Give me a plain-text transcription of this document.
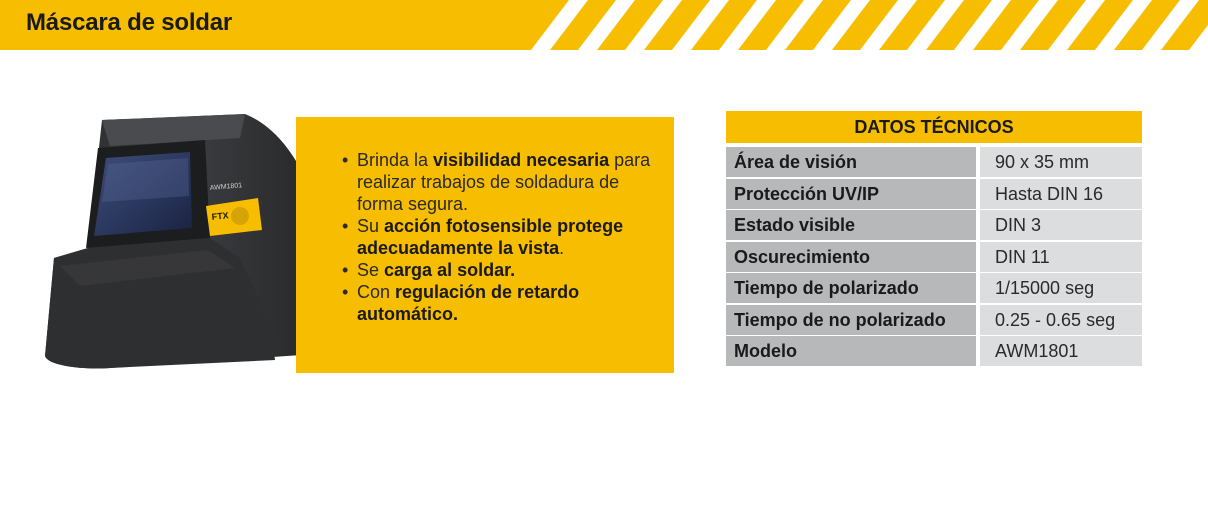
Máscara de soldar
FTX
AWM1801
• Brinda la visibilidad necesaria para realizar trabajos de soldadura de forma segura.
• Su acción fotosensible protege adecuadamente la vista.
• Se carga al soldar.
• Con regulación de retardo automático.
DATOS TÉCNICOS
Área de visión	90 x 35 mm
Protección UV/IP	Hasta DIN 16
Estado visible	DIN 3
Oscurecimiento	DIN 11
Tiempo de polarizado	1/15000 seg
Tiempo de no polarizado	0.25 - 0.65 seg
Modelo	AWM1801
